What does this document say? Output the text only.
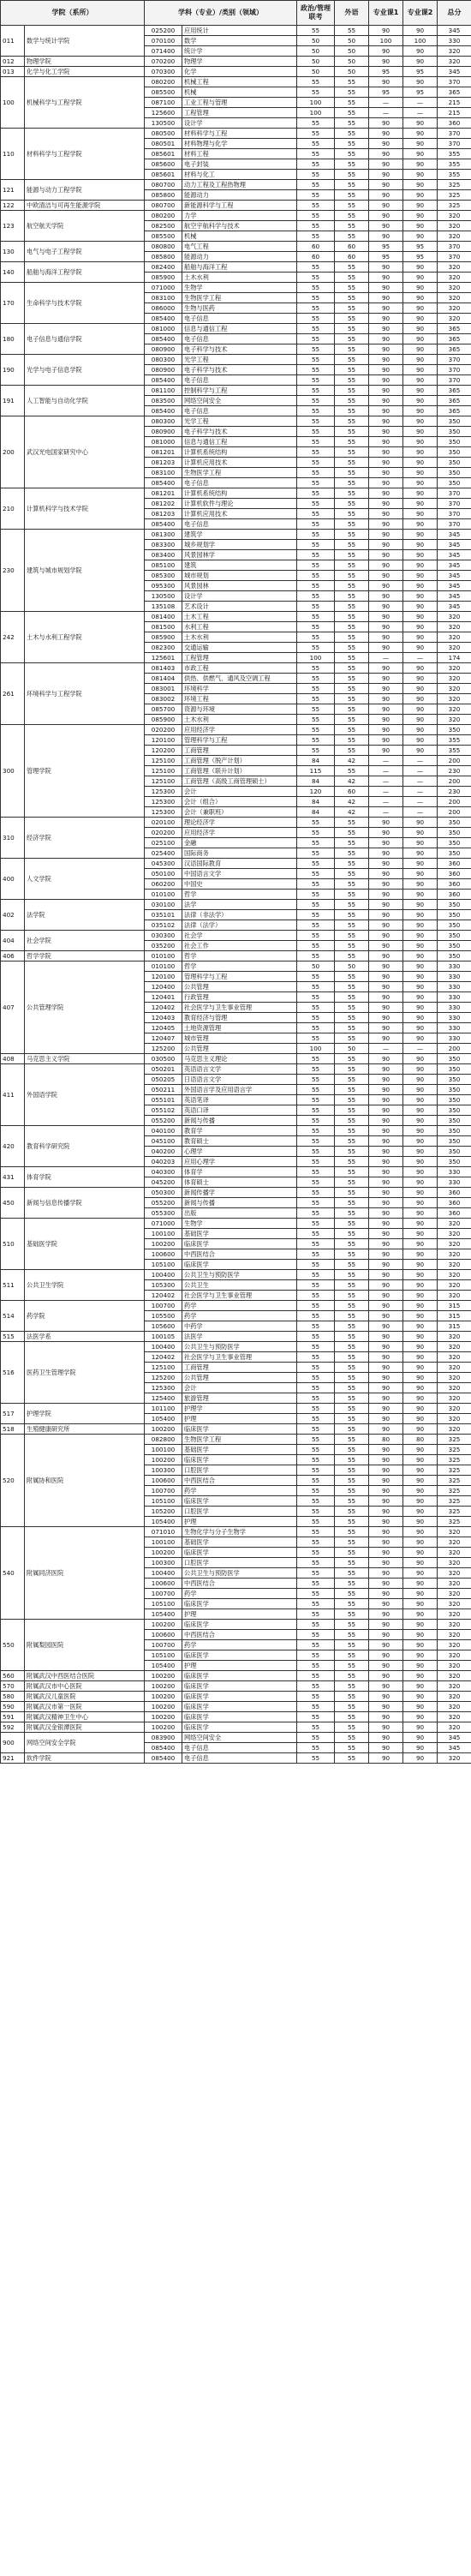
学院（系所）		学科（专业）/类别（领域）		政治/管理联考	外语	专业课1	专业课2	总分
011	数学与统计学院	025200	应用统计	55	55	90	90	345
		070100	数学	50	50	100	100	330
		071400	统计学	50	50	90	90	320
012	物理学院	070200	物理学	50	50	90	90	320
013	化学与化工学院	070300	化学	50	50	95	95	345
100	机械科学与工程学院	080200	机械工程	55	55	90	90	370
		085500	机械	55	55	95	95	365
		087100	工业工程与管理	100	55	—	—	215
		125600	工程管理	100	55	—	—	215
		130500	设计学	55	55	90	90	360
110	材料科学与工程学院	080500	材料科学与工程	55	55	90	90	370
		080501	材料物理与化学	55	55	90	90	370
		085601	材料工程	55	55	90	90	355
		085600	电子封装	55	55	90	90	355
		085601	材料与化工	55	55	90	90	355
121	能源与动力工程学院	080700	动力工程及工程热物理	55	55	90	90	325
		085800	能源动力	55	55	90	90	325
122	中欧清洁与可再生能源学院	080700	新能源科学与工程	55	55	90	90	325
123	航空航天学院	080200	力学	55	55	90	90	320
		082500	航空宇航科学与技术	55	55	90	90	320
		085500	机械	55	55	90	90	320
130	电气与电子工程学院	080800	电气工程	60	60	95	95	370
		085800	能源动力	60	60	95	95	370
140	船舶与海洋工程学院	082400	船舶与海洋工程	55	55	90	90	320
		085900	土木水利	55	55	90	90	320
170	生命科学与技术学院	071000	生物学	55	55	90	90	320
		083100	生物医学工程	55	55	90	90	320
		086000	生物与医药	55	55	90	90	320
		085400	电子信息	55	55	90	90	320
180	电子信息与通信学院	081000	信息与通信工程	55	55	90	90	365
		085400	电子信息	55	55	90	90	365
		080900	电子科学与技术	55	55	90	90	365
190	光学与电子信息学院	080300	光学工程	55	55	90	90	370
		080900	电子科学与技术	55	55	90	90	370
		085400	电子信息	55	55	90	90	370
191	人工智能与自动化学院	081100	控制科学与工程	55	55	90	90	365
		083500	网络空间安全	55	55	90	90	365
		085400	电子信息	55	55	90	90	365
200	武汉光电国家研究中心	080300	光学工程	55	55	90	90	350
		080900	电子科学与技术	55	55	90	90	350
		081000	信息与通信工程	55	55	90	90	350
		081201	计算机系统结构	55	55	90	90	350
		081203	计算机应用技术	55	55	90	90	350
		083100	生物医学工程	55	55	90	90	350
		085400	电子信息	55	55	90	90	350
210	计算机科学与技术学院	081201	计算机系统结构	55	55	90	90	370
		081202	计算机软件与理论	55	55	90	90	370
		081203	计算机应用技术	55	55	90	90	370
		085400	电子信息	55	55	90	90	370
230	建筑与城市规划学院	081300	建筑学	55	55	90	90	345
		083300	城乡规划学	55	55	90	90	345
		083400	风景园林学	55	55	90	90	345
		085100	建筑	55	55	90	90	345
		085300	城市规划	55	55	90	90	345
		095300	风景园林	55	55	90	90	345
		130500	设计学	55	55	90	90	345
		135108	艺术设计	55	55	90	90	345
242	土木与水利工程学院	081400	土木工程	55	55	90	90	320
		081500	水利工程	55	55	90	90	320
		085900	土木水利	55	55	90	90	320
		082300	交通运输	55	55	90	90	320
		125601	工程管理	100	55	—	—	174
261	环境科学与工程学院	081403	市政工程	55	55	90	90	320
		081404	供热、供燃气、通风及空调工程	55	55	90	90	320
		083001	环境科学	55	55	90	90	320
		083002	环境工程	55	55	90	90	320
		085700	资源与环境	55	55	90	90	320
		085900	土木水利	55	55	90	90	320
300	管理学院	020200	应用经济学	55	55	90	90	350
		120100	管理科学与工程	55	55	90	90	355
		120200	工商管理	55	55	90	90	355
		125100	工商管理（脱产计划）	84	42	—	—	200
		125100	工商管理（联升计划）	115	55	—	—	230
		125100	工商管理（高级工商管理硕士）	84	42	—	—	200
		125300	会计	120	60	—	—	230
		125300	会计（组合）	84	42	—	—	200
		125300	会计（兼职班）	84	42	—	—	200
310	经济学院	020100	理论经济学	55	55	90	90	350
		020200	应用经济学	55	55	90	90	350
		025100	金融	55	55	90	90	350
		025400	国际商务	55	55	90	90	350
400	人文学院	045300	汉语国际教育	55	55	90	90	360
		050100	中国语言文学	55	55	90	90	360
		060200	中国史	55	55	90	90	360
		010100	哲学	55	55	90	90	360
402	法学院	030100	法学	55	55	90	90	350
		035101	法律（非法学）	55	55	90	90	350
		035102	法律（法学）	55	55	90	90	350
404	社会学院	030300	社会学	55	55	90	90	350
		035200	社会工作	55	55	90	90	350
406	哲学学院	010100	哲学	55	55	90	90	350
407	公共管理学院	010100	哲学	50	50	90	90	330
		120100	管理科学与工程	55	55	90	90	330
		120400	公共管理	55	55	90	90	330
		120401	行政管理	55	55	90	90	330
		120402	社会医学与卫生事业管理	55	55	90	90	330
		120403	教育经济与管理	55	55	90	90	330
		120405	土地资源管理	55	55	90	90	330
		120407	城市管理	55	55	90	90	330
		125200	公共管理	100	50	—	—	200
408	马克思主义学院	030500	马克思主义理论	55	55	90	90	350
411	外国语学院	050201	英语语言文学	55	55	90	90	350
		050205	日语语言文学	55	55	90	90	350
		050211	外国语言学及应用语言学	55	55	90	90	350
		055101	英语笔译	55	55	90	90	350
		055102	英语口译	55	55	90	90	350
		055200	新闻与传播	55	55	90	90	350
420	教育科学研究院	040100	教育学	55	55	90	90	350
		045100	教育硕士	55	55	90	90	350
		040200	心理学	55	55	90	90	350
		040203	应用心理学	55	55	90	90	350
431	体育学院	040300	体育学	55	55	90	90	330
		045200	体育硕士	55	55	90	90	330
450	新闻与信息传播学院	050300	新闻传播学	55	55	90	90	360
		055200	新闻与传播	55	55	90	90	360
		055300	出版	55	55	90	90	360
510	基础医学院	071000	生物学	55	55	90	90	320
		100100	基础医学	55	55	90	90	320
		100200	临床医学	55	55	90	90	320
		100600	中西医结合	55	55	90	90	320
		105100	临床医学	55	55	90	90	320
511	公共卫生学院	100400	公共卫生与预防医学	55	55	90	90	320
		105300	公共卫生	55	55	90	90	320
		120402	社会医学与卫生事业管理	55	55	90	90	320
514	药学院	100700	药学	55	55	90	90	315
		105500	药学	55	55	90	90	315
		105600	中药学	55	55	90	90	315
515	法医学系	100105	法医学	55	55	90	90	320
516	医药卫生管理学院	100400	公共卫生与预防医学	55	55	90	90	320
		120402	社会医学与卫生事业管理	55	55	90	90	320
		125100	工商管理	55	55	90	90	320
		125200	公共管理	55	55	90	90	320
		125300	会计	55	55	90	90	320
		125400	旅游管理	55	55	90	90	320
517	护理学院	101100	护理学	55	55	90	90	320
		105400	护理	55	55	90	90	320
518	生殖健康研究所	100200	临床医学	55	55	90	90	320
520	附属协和医院	082800	生物医学工程	55	55	80	80	325
		100100	基础医学	55	55	90	90	325
		100200	临床医学	55	55	90	90	325
		100300	口腔医学	55	55	90	90	325
		100600	中西医结合	55	55	90	90	325
		100700	药学	55	55	90	90	325
		105100	临床医学	55	55	90	90	325
		105200	口腔医学	55	55	90	90	325
		105400	护理	55	55	90	90	325
540	附属同济医院	071010	生物化学与分子生物学	55	55	90	90	320
		100100	基础医学	55	55	90	90	320
		100200	临床医学	55	55	90	90	320
		100300	口腔医学	55	55	90	90	320
		100400	公共卫生与预防医学	55	55	90	90	320
		100600	中西医结合	55	55	90	90	320
		100700	药学	55	55	90	90	320
		105100	临床医学	55	55	90	90	320
		105400	护理	55	55	90	90	320
550	附属梨园医院	100200	临床医学	55	55	90	90	320
		100600	中西医结合	55	55	90	90	320
		100700	药学	55	55	90	90	320
		105100	临床医学	55	55	90	90	320
		105400	护理	55	55	90	90	320
560	附属武汉中西医结合医院	100200	临床医学	55	55	90	90	320
570	附属武汉市中心医院	100200	临床医学	55	55	90	90	320
580	附属武汉儿童医院	100200	临床医学	55	55	90	90	320
590	附属武汉市第一医院	100200	临床医学	55	55	90	90	320
591	附属武汉精神卫生中心	100200	临床医学	55	55	90	90	320
592	附属武汉金银潭医院	100200	临床医学	55	55	90	90	320
900	网络空间安全学院	083900	网络空间安全	55	55	90	90	345
		085400	电子信息	55	55	90	90	345
921	软件学院	085400	电子信息	55	55	90	90	320
